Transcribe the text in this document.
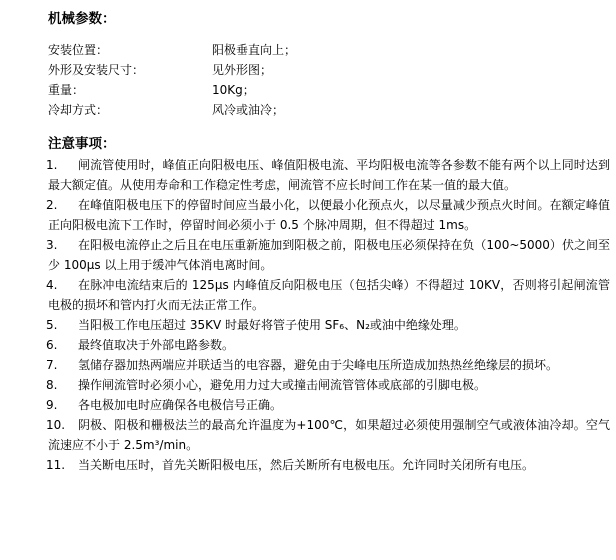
机械参数：
安装位置：	阳极垂直向上；
外形及安装尺寸：	见外形图；
重量：	10Kg；
冷却方式：	风冷或油冷；
注意事项：
1.	闸流管使用时，峰值正向阳极电压、峰值阳极电流、平均阳极电流等各参数不能有两个以上同时达到最大额定值。从使用寿命和工作稳定性考虑，闸流管不应长时间工作在某一值的最大值。
2.	在峰值阳极电压下的停留时间应当最小化，以便最小化预点火，以尽量减少预点火时间。在额定峰值正向阳极电流下工作时，停留时间必须小于 0.5 个脉冲周期，但不得超过 1ms。
3.	在阳极电流停止之后且在电压重新施加到阳极之前，阳极电压必须保持在负（100~5000）伏之间至少 100μs 以上用于缓冲气体消电离时间。
4.	在脉冲电流结束后的 125μs 内峰值反向阳极电压（包括尖峰）不得超过 10KV，否则将引起闸流管电极的损坏和管内打火而无法正常工作。
5.	当阳极工作电压超过 35KV 时最好将管子使用 SF₆、N₂或油中绝缘处理。
6.	最终值取决于外部电路参数。
7.	氢储存器加热两端应并联适当的电容器，避免由于尖峰电压所造成加热热丝绝缘层的损坏。
8.	操作闸流管时必须小心，避免用力过大或撞击闸流管管体或底部的引脚电极。
9.	各电极加电时应确保各电极信号正确。
10.	阴极、阳极和栅极法兰的最高允许温度为+100℃，如果超过必须使用强制空气或液体油冷却。空气流速应不小于 2.5m³/min。
11.	当关断电压时，首先关断阳极电压，然后关断所有电极电压。允许同时关闭所有电压。
